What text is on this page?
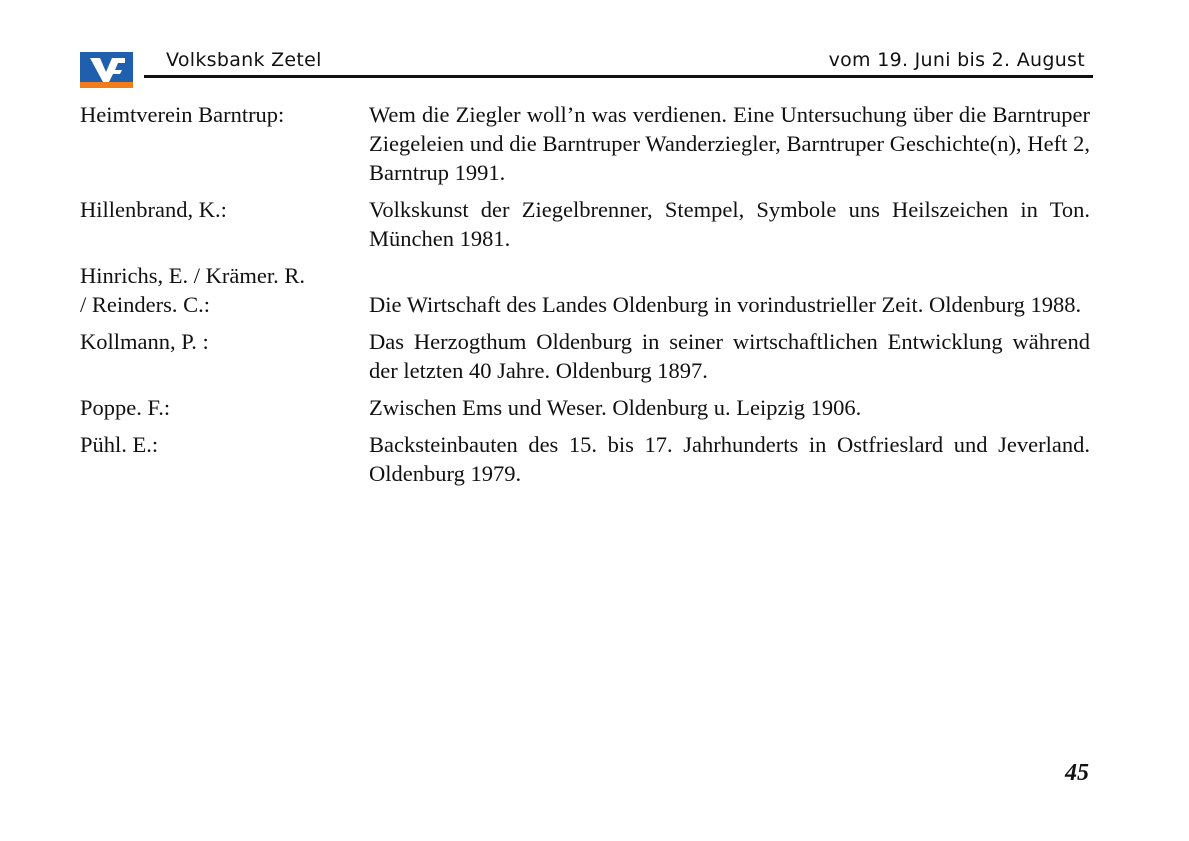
Volksbank Zetel	vom 19. Juni bis 2. August
Heimtverein Barntrup:	Wem die Ziegler woll’n was verdienen. Eine Untersuchung über die Barntruper Ziegeleien und die Barntruper Wanderziegler, Barntruper Geschichte(n), Heft 2, Barntrup 1991.
Hillenbrand, K.:	Volkskunst der Ziegelbrenner, Stempel, Symbole uns Heilszeichen in Ton. München 1981.
Hinrichs, E. / Krämer. R.
/ Reinders. C.:	Die Wirtschaft des Landes Oldenburg in vorindustrieller Zeit. Oldenburg 1988.
Kollmann, P. :	Das Herzogthum Oldenburg in seiner wirtschaftlichen Entwicklung während der letzten 40 Jahre. Oldenburg 1897.
Poppe. F.:	Zwischen Ems und Weser. Oldenburg u. Leipzig 1906.
Pühl. E.:	Backsteinbauten des 15. bis 17. Jahrhunderts in Ostfrieslard und Jeverland. Oldenburg 1979.
45
